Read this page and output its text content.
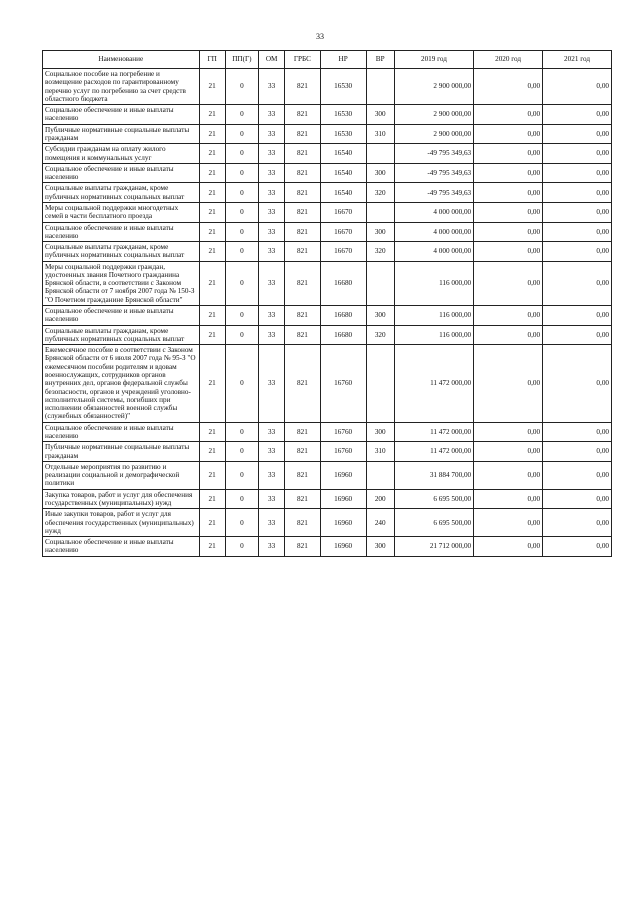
33
Наименование	ГП	ПП(Г)	ОМ	ГРБС	НР	ВР	2019 год	2020 год	2021 год
Социальное пособие на погребение и возмещение расходов по гарантированному перечню услуг по погребению за счет средств областного бюджета	21	0	33	821	16530		2 900 000,00	0,00	0,00
Социальное обеспечение и иные выплаты населению	21	0	33	821	16530	300	2 900 000,00	0,00	0,00
Публичные нормативные социальные выплаты гражданам	21	0	33	821	16530	310	2 900 000,00	0,00	0,00
Субсидии гражданам на оплату жилого помещения и коммунальных услуг	21	0	33	821	16540		-49 795 349,63	0,00	0,00
Социальное обеспечение и иные выплаты населению	21	0	33	821	16540	300	-49 795 349,63	0,00	0,00
Социальные выплаты гражданам, кроме публичных нормативных социальных выплат	21	0	33	821	16540	320	-49 795 349,63	0,00	0,00
Меры социальной поддержки многодетных семей в части бесплатного проезда	21	0	33	821	16670		4 000 000,00	0,00	0,00
Социальное обеспечение и иные выплаты населению	21	0	33	821	16670	300	4 000 000,00	0,00	0,00
Социальные выплаты гражданам, кроме публичных нормативных социальных выплат	21	0	33	821	16670	320	4 000 000,00	0,00	0,00
Меры социальной поддержки граждан, удостоенных звания Почетного гражданина Брянской области, в соответствии с Законом Брянской области от 7 ноября 2007 года № 150-З "О Почетном гражданине Брянской области"	21	0	33	821	16680		116 000,00	0,00	0,00
Социальное обеспечение и иные выплаты населению	21	0	33	821	16680	300	116 000,00	0,00	0,00
Социальные выплаты гражданам, кроме публичных нормативных социальных выплат	21	0	33	821	16680	320	116 000,00	0,00	0,00
Ежемесячное пособие в соответствии с Законом Брянской области от 6 июля 2007 года № 95-З "О ежемесячном пособии родителям и вдовам военнослужащих, сотрудников органов внутренних дел, органов федеральной службы безопасности, органов и учреждений уголовно-исполнительной системы, погибших при исполнении обязанностей военной службы (служебных обязанностей)"	21	0	33	821	16760		11 472 000,00	0,00	0,00
Социальное обеспечение и иные выплаты населению	21	0	33	821	16760	300	11 472 000,00	0,00	0,00
Публичные нормативные социальные выплаты гражданам	21	0	33	821	16760	310	11 472 000,00	0,00	0,00
Отдельные мероприятия по развитию и реализации социальной и демографической политики	21	0	33	821	16960		31 884 700,00	0,00	0,00
Закупка товаров, работ и услуг для обеспечения государственных (муниципальных) нужд	21	0	33	821	16960	200	6 695 500,00	0,00	0,00
Иные закупки товаров, работ и услуг для обеспечения государственных (муниципальных) нужд	21	0	33	821	16960	240	6 695 500,00	0,00	0,00
Социальное обеспечение и иные выплаты населению	21	0	33	821	16960	300	21 712 000,00	0,00	0,00
